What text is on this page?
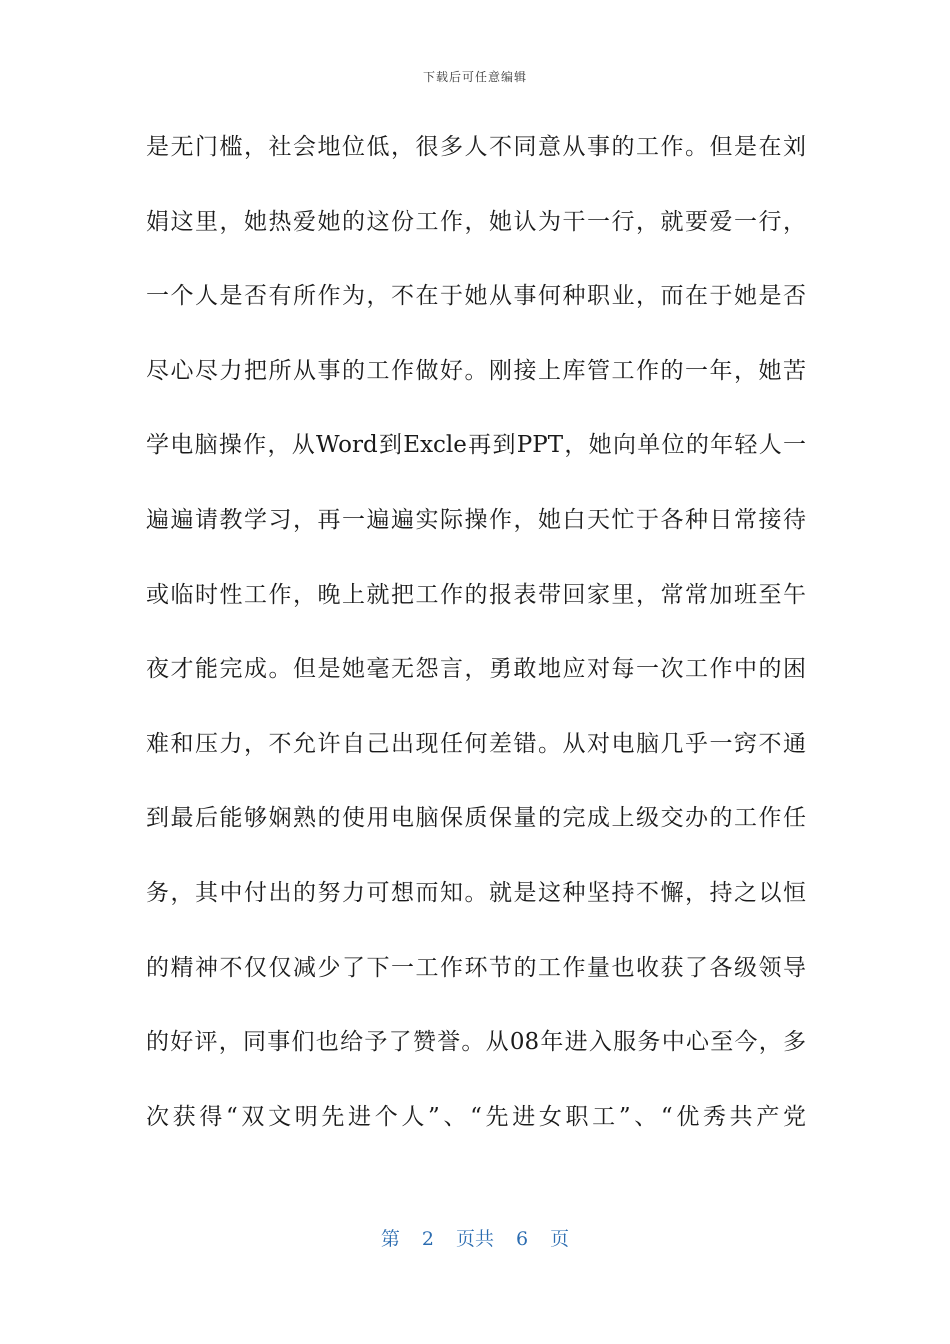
下载后可任意编辑
是无门槛，社会地位低，很多人不同意从事的工作。但是在刘
娟这里，她热爱她的这份工作，她认为干一行，就要爱一行，
一个人是否有所作为，不在于她从事何种职业，而在于她是否
尽心尽力把所从事的工作做好。刚接上库管工作的一年，她苦
学电脑操作，从Word到Excle再到PPT，她向单位的年轻人一
遍遍请教学习，再一遍遍实际操作，她白天忙于各种日常接待
或临时性工作，晚上就把工作的报表带回家里，常常加班至午
夜才能完成。但是她毫无怨言，勇敢地应对每一次工作中的困
难和压力，不允许自己出现任何差错。从对电脑几乎一窍不通
到最后能够娴熟的使用电脑保质保量的完成上级交办的工作任
务，其中付出的努力可想而知。就是这种坚持不懈，持之以恒
的精神不仅仅减少了下一工作环节的工作量也收获了各级领导
的好评，同事们也给予了赞誉。从08年进入服务中心至今，多
次获得“双文明先进个人”、“先进女职工”、“优秀共产党
第 2 页共 6 页
